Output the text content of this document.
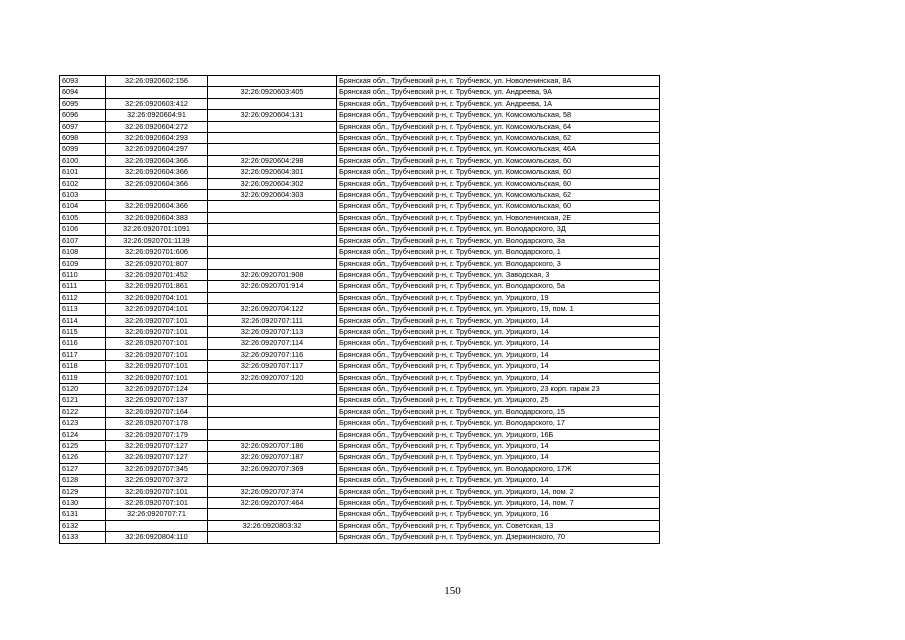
6093	32:26:0920602:156		Брянская обл., Трубчевский р-н, г. Трубчевск, ул. Новоленинская, 8А
6094		32:26:0920603:405	Брянская обл., Трубчевский р-н, г. Трубчевск, ул. Андреева, 9А
6095	32:26:0920603:412		Брянская обл., Трубчевский р-н, г. Трубчевск, ул. Андреева, 1А
6096	32:26:0920604:91	32:26:0920604:131	Брянская обл., Трубчевский р-н, г. Трубчевск, ул. Комсомольская, 58
6097	32:26:0920604:272		Брянская обл., Трубчевский р-н, г. Трубчевск, ул. Комсомольская, 64
6098	32:26:0920604:293		Брянская обл., Трубчевский р-н, г. Трубчевск, ул. Комсомольская, 62
6099	32:26:0920604:297		Брянская обл., Трубчевский р-н, г. Трубчевск, ул. Комсомольская, 46А
6100	32:26:0920604:366	32:26:0920604:298	Брянская обл., Трубчевский р-н, г. Трубчевск, ул. Комсомольская, 60
6101	32:26:0920604:366	32:26:0920604:301	Брянская обл., Трубчевский р-н, г. Трубчевск, ул. Комсомольская, 60
6102	32:26:0920604:366	32:26:0920604:302	Брянская обл., Трубчевский р-н, г. Трубчевск, ул. Комсомольская, 60
6103		32:26:0920604:303	Брянская обл., Трубчевский р-н, г. Трубчевск, ул. Комсомольская, 62
6104	32:26:0920604:366		Брянская обл., Трубчевский р-н, г. Трубчевск, ул. Комсомольская, 60
6105	32:26:0920604:383		Брянская обл., Трубчевский р-н, г. Трубчевск, ул. Новоленинская, 2Е
6106	32:26:0920701:1091		Брянская обл., Трубчевский р-н, г. Трубчевск, ул. Володарского, 3Д
6107	32:26:0920701:1139		Брянская обл., Трубчевский р-н, г. Трубчевск, ул. Володарского, 3а
6108	32:26:0920701:606		Брянская обл., Трубчевский р-н, г. Трубчевск, ул. Володарского, 1
6109	32:26:0920701:807		Брянская обл., Трубчевский р-н, г. Трубчевск, ул. Володарского, 3
6110	32:26:0920701:452	32:26:0920701:908	Брянская обл., Трубчевский р-н, г. Трубчевск, ул. Заводская, 3
6111	32:26:0920701:861	32:26:0920701:914	Брянская обл., Трубчевский р-н, г. Трубчевск, ул. Володарского, 5а
6112	32:26:0920704:101		Брянская обл., Трубчевский р-н, г. Трубчевск, ул. Урицкого, 19
6113	32:26:0920704:101	32:26:0920704:122	Брянская обл., Трубчевский р-н, г. Трубчевск, ул. Урицкого, 19, пом. 1
6114	32:26:0920707:101	32:26:0920707:111	Брянская обл., Трубчевский р-н, г. Трубчевск, ул. Урицкого, 14
6115	32:26:0920707:101	32:26:0920707:113	Брянская обл., Трубчевский р-н, г. Трубчевск, ул. Урицкого, 14
6116	32:26:0920707:101	32:26:0920707:114	Брянская обл., Трубчевский р-н, г. Трубчевск, ул. Урицкого, 14
6117	32:26:0920707:101	32:26:0920707:116	Брянская обл., Трубчевский р-н, г. Трубчевск, ул. Урицкого, 14
6118	32:26:0920707:101	32:26:0920707:117	Брянская обл., Трубчевский р-н, г. Трубчевск, ул. Урицкого, 14
6119	32:26:0920707:101	32:26:0920707:120	Брянская обл., Трубчевский р-н, г. Трубчевск, ул. Урицкого, 14
6120	32:26:0920707:124		Брянская обл., Трубчевский р-н, г. Трубчевск, ул. Урицкого, 23 корп. гараж 23
6121	32:26:0920707:137		Брянская обл., Трубчевский р-н, г. Трубчевск, ул. Урицкого, 25
6122	32:26:0920707:164		Брянская обл., Трубчевский р-н, г. Трубчевск, ул. Володарского, 15
6123	32:26:0920707:178		Брянская обл., Трубчевский р-н, г. Трубчевск, ул. Володарского, 17
6124	32:26:0920707:179		Брянская обл., Трубчевский р-н, г. Трубчевск, ул. Урицкого, 16Б
6125	32:26:0920707:127	32:26:0920707:186	Брянская обл., Трубчевский р-н, г. Трубчевск, ул. Урицкого, 14
6126	32:26:0920707:127	32:26:0920707:187	Брянская обл., Трубчевский р-н, г. Трубчевск, ул. Урицкого, 14
6127	32:26:0920707:345	32:26:0920707:369	Брянская обл., Трубчевский р-н, г. Трубчевск, ул. Володарского, 17Ж
6128	32:26:0920707:372		Брянская обл., Трубчевский р-н, г. Трубчевск, ул. Урицкого, 14
6129	32:26:0920707:101	32:26:0920707:374	Брянская обл., Трубчевский р-н, г. Трубчевск, ул. Урицкого, 14, пом. 2
6130	32:26:0920707:101	32:26:0920707:464	Брянская обл., Трубчевский р-н, г. Трубчевск, ул. Урицкого, 14, пом. 7
6131	32:26:0920707:71		Брянская обл., Трубчевский р-н, г. Трубчевск, ул. Урицкого, 16
6132		32:26:0920803:32	Брянская обл., Трубчевский р-н, г. Трубчевск, ул. Советская, 13
6133	32:26:0920804:110		Брянская обл., Трубчевский р-н, г. Трубчевск, ул. Дзержинского, 70
150
